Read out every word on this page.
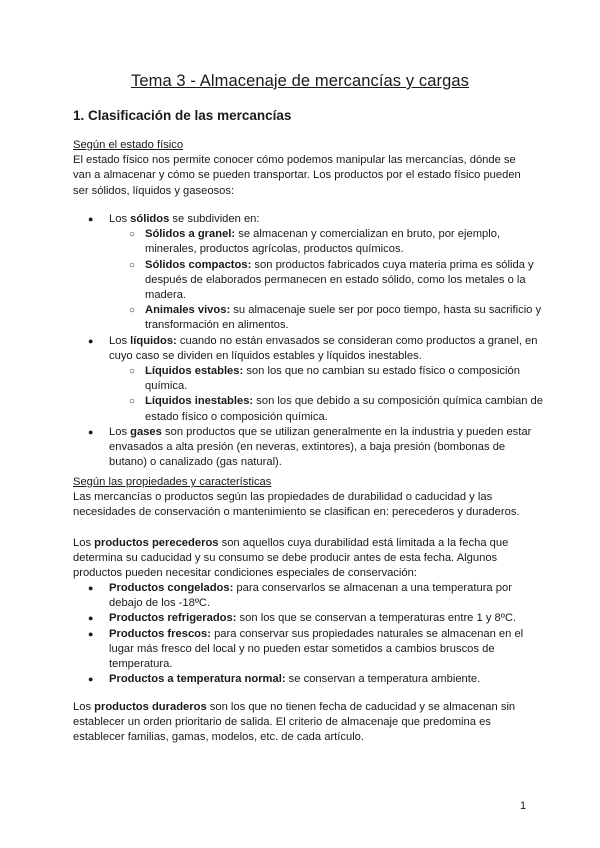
Tema 3 - Almacenaje de mercancías y cargas
1. Clasificación de las mercancías
Según el estado físico

El estado físico nos permite conocer cómo podemos manipular las mercancías, dónde se van a almacenar y cómo se pueden transportar. Los productos por el estado físico pueden ser sólidos, líquidos y gaseosos:

● Los sólidos se subdividen en:
○ Sólidos a granel: se almacenan y comercializan en bruto, por ejemplo, minerales, productos agrícolas, productos químicos.
○ Sólidos compactos: son productos fabricados cuya materia prima es sólida y después de elaborados permanecen en estado sólido, como los metales o la madera.
○ Animales vivos: su almacenaje suele ser por poco tiempo, hasta su sacrificio y transformación en alimentos.
● Los líquidos: cuando no están envasados se consideran como productos a granel, en cuyo caso se dividen en líquidos estables y líquidos inestables.
○ Líquidos estables: son los que no cambian su estado físico o composición química.
○ Líquidos inestables: son los que debido a su composición química cambian de estado físico o composición química.
● Los gases son productos que se utilizan generalmente en la industria y pueden estar envasados a alta presión (en neveras, extintores), a baja presión (bombonas de butano) o canalizado (gas natural).
Según las propiedades y características

Las mercancías o productos según las propiedades de durabilidad o caducidad y las necesidades de conservación o mantenimiento se clasifican en: perecederos y duraderos.

Los productos perecederos son aquellos cuya durabilidad está limitada a la fecha que determina su caducidad y su consumo se debe producir antes de esta fecha. Algunos productos pueden necesitar condiciones especiales de conservación:

● Productos congelados: para conservarlos se almacenan a una temperatura por debajo de los -18ºC.
● Productos refrigerados: son los que se conservan a temperaturas entre 1 y 8ºC.
● Productos frescos: para conservar sus propiedades naturales se almacenan en el lugar más fresco del local y no pueden estar sometidos a cambios bruscos de temperatura.
● Productos a temperatura normal: se conservan a temperatura ambiente.

Los productos duraderos son los que no tienen fecha de caducidad y se almacenan sin establecer un orden prioritario de salida. El criterio de almacenaje que predomina es establecer familias, gamas, modelos, etc. de cada artículo.

1
